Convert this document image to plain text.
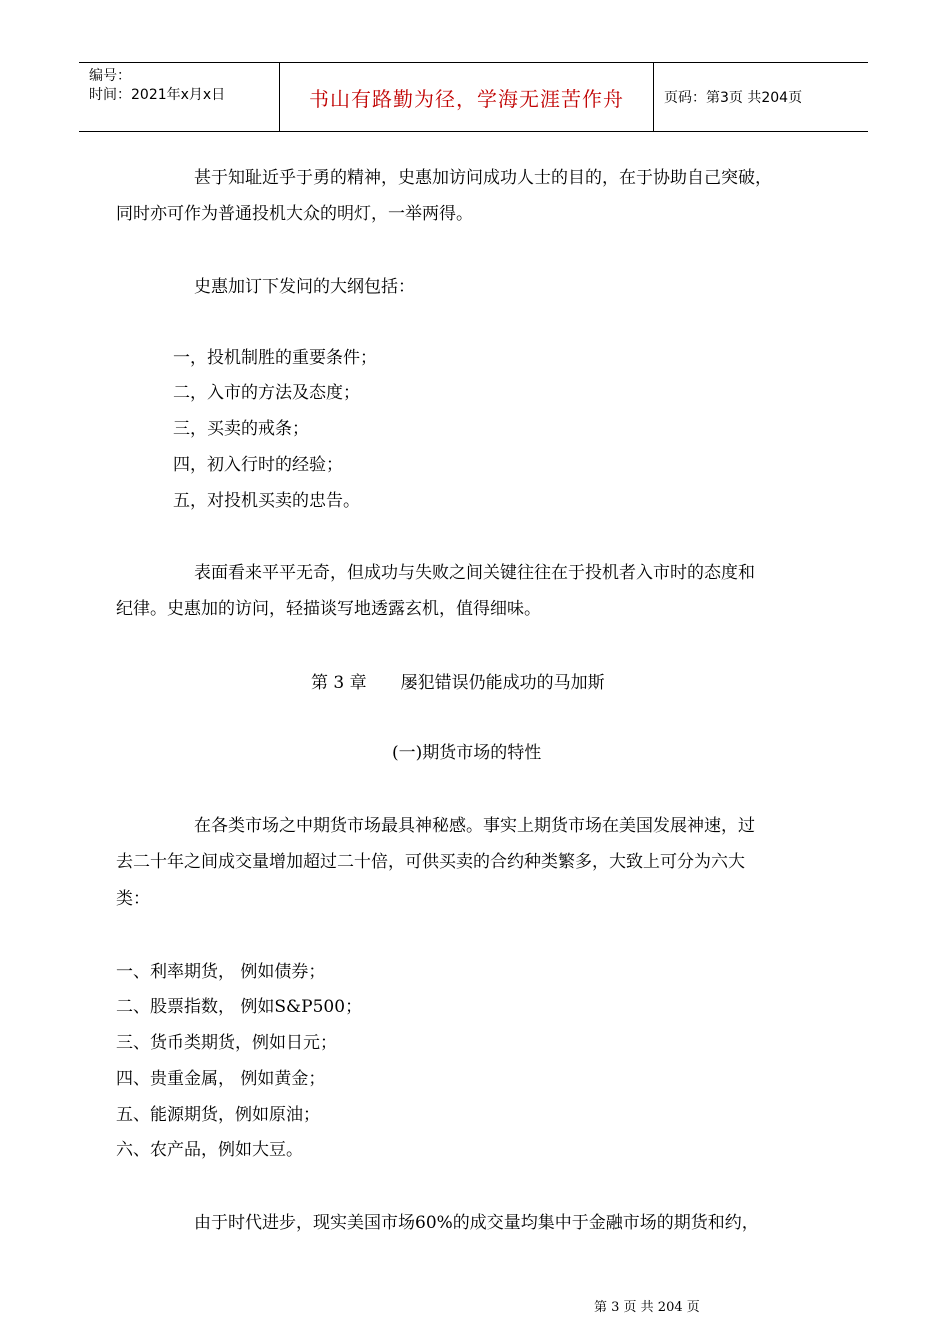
编号：
时间：2021年x月x日	书山有路勤为径，学海无涯苦作舟	页码：第3页 共204页
甚于知耻近乎于勇的精神，史惠加访问成功人士的目的，在于协助自己突破，
同时亦可作为普通投机大众的明灯，一举两得。
史惠加订下发问的大纲包括：
一，投机制胜的重要条件；
二，入市的方法及态度；
三，买卖的戒条；
四，初入行时的经验；
五，对投机买卖的忠告。
表面看来平平无奇，但成功与失败之间关键往往在于投机者入市时的态度和
纪律。史惠加的访问，轻描谈写地透露玄机，值得细味。
第 3 章　　屡犯错误仍能成功的马加斯
(一)期货市场的特性
在各类市场之中期货市场最具神秘感。事实上期货市场在美国发展神速，过
去二十年之间成交量增加超过二十倍，可供买卖的合约种类繁多，大致上可分为六大
类：
一、利率期货， 例如债券；
二、股票指数， 例如S&P500；
三、货币类期货，例如日元；
四、贵重金属， 例如黄金；
五、能源期货，例如原油；
六、农产品，例如大豆。
由于时代进步，现实美国市场60%的成交量均集中于金融市场的期货和约，
第 3 页 共 204 页
